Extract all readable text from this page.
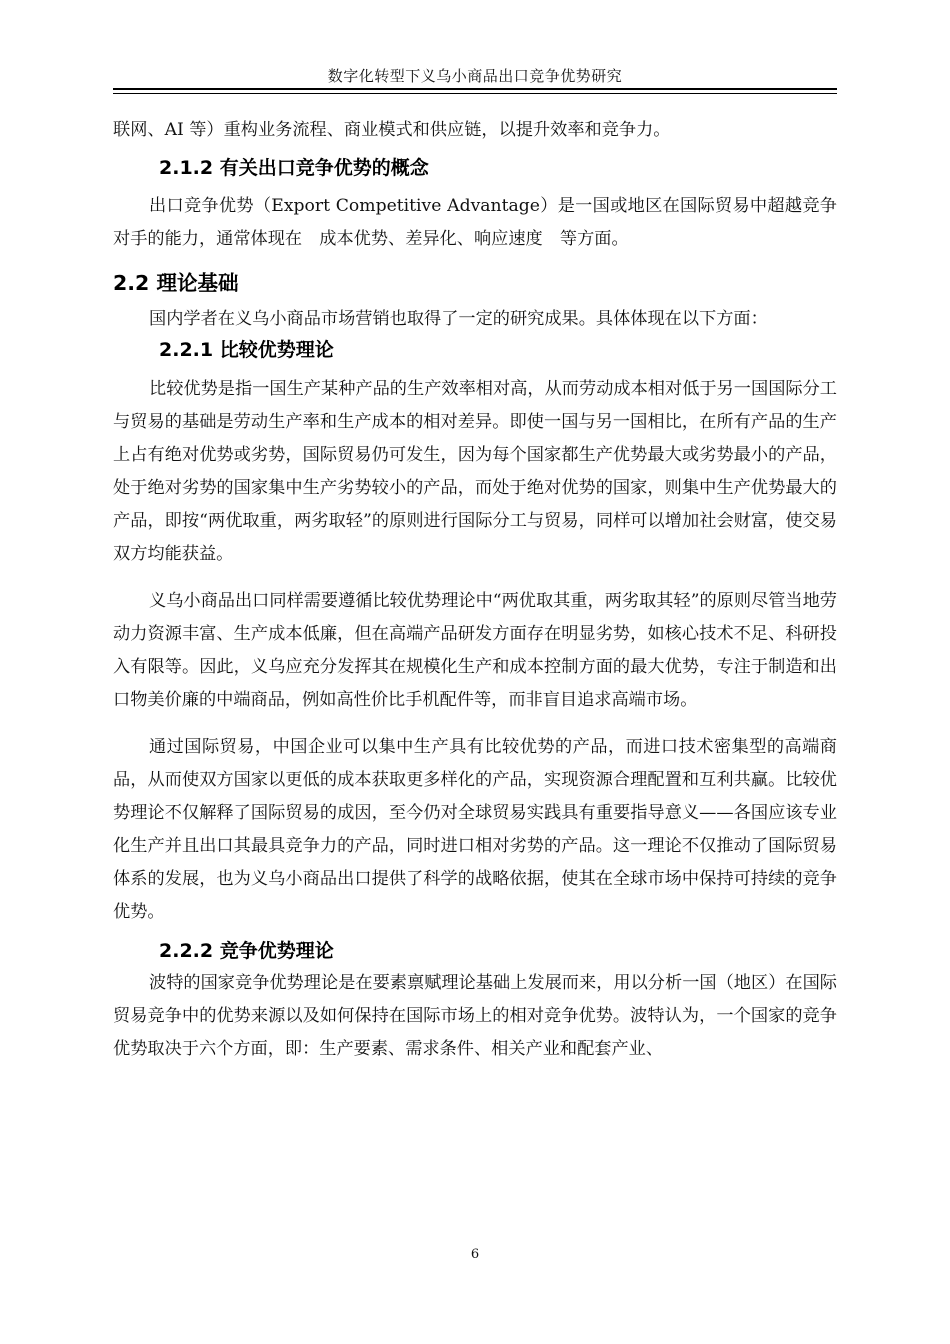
数字化转型下义乌小商品出口竞争优势研究

联网、AI 等）重构业务流程、商业模式和供应链，以提升效率和竞争力。

2.1.2 有关出口竞争优势的概念

出口竞争优势（Export Competitive Advantage）是一国或地区在国际贸易中超越竞争对手的能力，通常体现在　成本优势、差异化、响应速度　等方面。

2.2 理论基础

国内学者在义乌小商品市场营销也取得了一定的研究成果。具体体现在以下方面：

2.2.1 比较优势理论

比较优势是指一国生产某种产品的生产效率相对高，从而劳动成本相对低于另一国国际分工与贸易的基础是劳动生产率和生产成本的相对差异。即使一国与另一国相比，在所有产品的生产上占有绝对优势或劣势，国际贸易仍可发生，因为每个国家都生产优势最大或劣势最小的产品，处于绝对劣势的国家集中生产劣势较小的产品，而处于绝对优势的国家，则集中生产优势最大的产品，即按“两优取重，两劣取轻”的原则进行国际分工与贸易，同样可以增加社会财富，使交易双方均能获益。

义乌小商品出口同样需要遵循比较优势理论中“两优取其重，两劣取其轻”的原则尽管当地劳动力资源丰富、生产成本低廉，但在高端产品研发方面存在明显劣势，如核心技术不足、科研投入有限等。因此，义乌应充分发挥其在规模化生产和成本控制方面的最大优势，专注于制造和出口物美价廉的中端商品，例如高性价比手机配件等，而非盲目追求高端市场。

通过国际贸易，中国企业可以集中生产具有比较优势的产品，而进口技术密集型的高端商品，从而使双方国家以更低的成本获取更多样化的产品，实现资源合理配置和互利共赢。比较优势理论不仅解释了国际贸易的成因，至今仍对全球贸易实践具有重要指导意义——各国应该专业化生产并且出口其最具竞争力的产品，同时进口相对劣势的产品。这一理论不仅推动了国际贸易体系的发展，也为义乌小商品出口提供了科学的战略依据，使其在全球市场中保持可持续的竞争优势。

2.2.2 竞争优势理论

波特的国家竞争优势理论是在要素禀赋理论基础上发展而来，用以分析一国（地区）在国际贸易竞争中的优势来源以及如何保持在国际市场上的相对竞争优势。波特认为，一个国家的竞争优势取决于六个方面，即：生产要素、需求条件、相关产业和配套产业、

6
